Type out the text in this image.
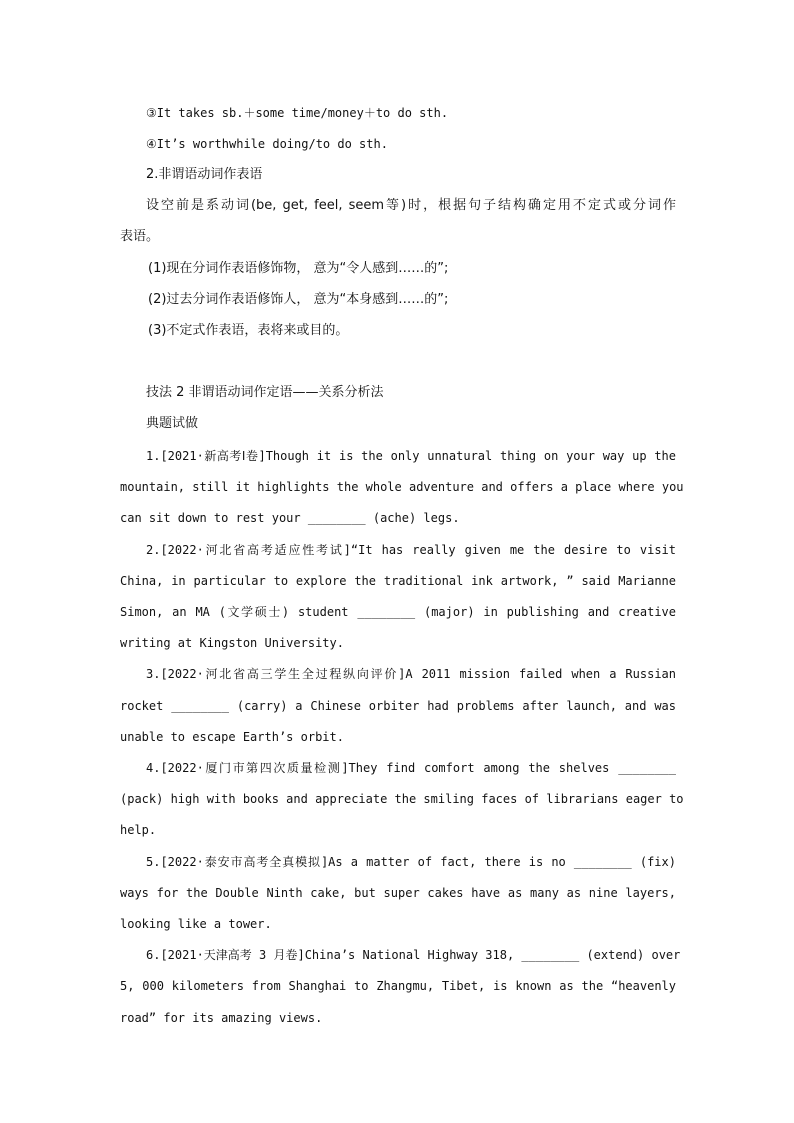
③It takes sb.＋some time/money＋to do sth.
④It’s worthwhile doing/to do sth.
2.非谓语动词作表语
设空前是系动词(be, get, feel, seem等)时，根据句子结构确定用不定式或分词作
表语。
(1)现在分词作表语修饰物， 意为“令人感到……的”;
(2)过去分词作表语修饰人， 意为“本身感到……的”;
(3)不定式作表语，表将来或目的。
技法 2 非谓语动词作定语——关系分析法
典题试做
1.[2021·新高考Ⅰ卷]Though it is the only unnatural thing on your way up the
mountain, still it highlights the whole adventure and offers a place where you
can sit down to rest your ________ (ache) legs.
2.[2022·河北省高考适应性考试]“It has really given me the desire to visit
China, in particular to explore the traditional ink artwork, ” said Marianne
Simon, an MA (文学硕士) student ________ (major) in publishing and creative
writing at Kingston University.
3.[2022·河北省高三学生全过程纵向评价]A 2011 mission failed when a Russian
rocket ________ (carry) a Chinese orbiter had problems after launch, and was
unable to escape Earth’s orbit.
4.[2022·厦门市第四次质量检测]They find comfort among the shelves ________
(pack) high with books and appreciate the smiling faces of librarians eager to
help.
5.[2022·泰安市高考全真模拟]As a matter of fact, there is no ________ (fix)
ways for the Double Ninth cake, but super cakes have as many as nine layers,
looking like a tower.
6.[2021·天津高考 3 月卷]China’s National Highway 318, ________ (extend) over
5, 000 kilometers from Shanghai to Zhangmu, Tibet, is known as the “heavenly
road” for its amazing views.
